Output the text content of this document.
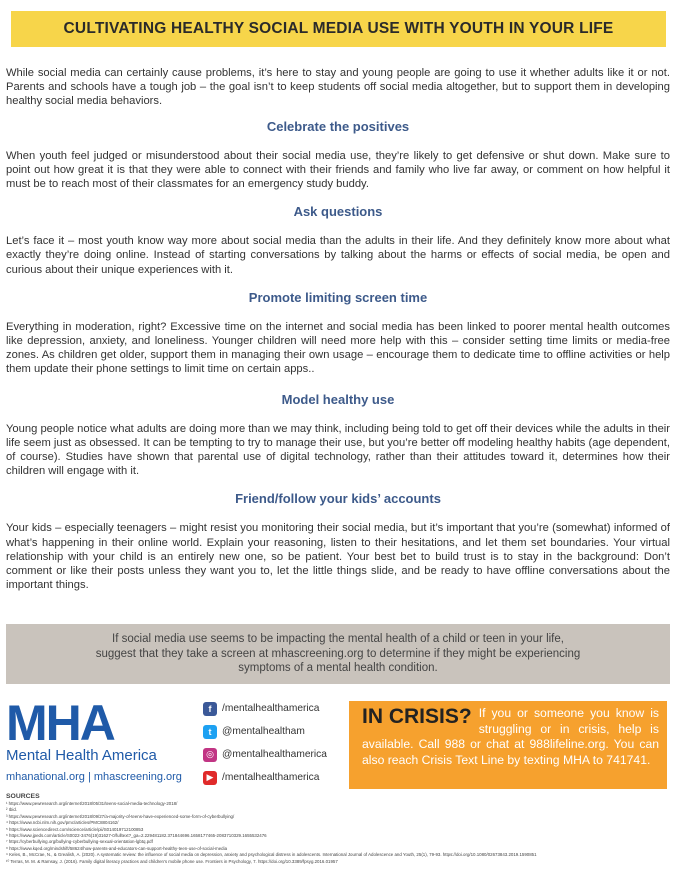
CULTIVATING HEALTHY SOCIAL MEDIA USE WITH YOUTH IN YOUR LIFE

While social media can certainly cause problems, it’s here to stay and young people are going to use it whether adults like it or not. Parents and schools have a tough job – the goal isn’t to keep students off social media altogether, but to support them in developing healthy social media behaviors.

Celebrate the positives

When youth feel judged or misunderstood about their social media use, they’re likely to get defensive or shut down. Make sure to point out how great it is that they were able to connect with their friends and family who live far away, or comment on how helpful it must be to reach most of their classmates for an emergency study buddy.

Ask questions

Let’s face it – most youth know way more about social media than the adults in their life. And they definitely know more about what exactly they’re doing online. Instead of starting conversations by talking about the harms or effects of social media, be open and curious about their unique experiences with it.

Promote limiting screen time

Everything in moderation, right? Excessive time on the internet and social media has been linked to poorer mental health outcomes like depression, anxiety, and loneliness. Younger children will need more help with this – consider setting time limits or media-free zones. As children get older, support them in managing their own usage – encourage them to dedicate time to offline activities or help them update their phone settings to limit time on certain apps..

Model healthy use

Young people notice what adults are doing more than we may think, including being told to get off their devices while the adults in their life seem just as obsessed. It can be tempting to try to manage their use, but you’re better off modeling healthy habits (age dependent, of course). Studies have shown that parental use of digital technology, rather than their attitudes toward it, determines how their children will engage with it.

Friend/follow your kids’ accounts

Your kids – especially teenagers – might resist you monitoring their social media, but it’s important that you’re (somewhat) informed of what’s happening in their online world. Explain your reasoning, listen to their hesitations, and let them set boundaries. Your virtual relationship with your child is an entirely new one, so be patient. Your best bet to build trust is to stay in the background: Don’t comment or like their posts unless they want you to, let the little things slide, and be ready to have offline conversations about the important things.

If social media use seems to be impacting the mental health of a child or teen in your life,
suggest that they take a screen at mhascreening.org to determine if they might be experiencing
symptoms of a mental health condition.
MHA
Mental Health America
mhanational.org | mhascreening.org
f	/mentalhealthamerica
t	@mentalhealtham
◎ @mentalhealthamerica
▶ /mentalhealthamerica
IN CRISIS? If you or someone you know is struggling or in crisis, help is available. Call 988 or chat at 988lifeline.org. You can also reach Crisis Text Line by texting MHA to 741741.
SOURCES
¹ https://www.pewresearch.org/internet/2018/05/31/teens-social-media-technology-2018/
² Ibid.
³ https://www.pewresearch.org/internet/2018/09/27/a-majority-of-teens-have-experienced-some-form-of-cyberbullying/
⁴ https://www.ncbi.nlm.nih.gov/pmc/articles/PMC8804162/
⁵ https://www.sciencedirect.com/science/article/pii/S014019712100853
⁶ https://www.jpeds.com/article/S0022-3476(19)31627-0/fulltext?_ga=2.229481182.371844696.1658177465-2083710329.1655532476
⁷ https://cyberbullying.org/bullying-cyberbullying-sexual-orientation-lgbtq.pdf
⁸ https://www.kqed.org/mindshift/58624/how-parents-and-educators-can-support-healthy-teen-use-of-social-media
⁹ Keles, B., McCrae, N., & Grealish, A. (2020). A systematic review: the influence of social media on depression, anxiety and psychological distress in adolescents. International Journal of Adolescence and Youth, 25(1), 79-93. https://doi.org/10.1080/02673843.2019.1590851
¹⁰ Terras, M. M. & Ramsay, J. (2016). Family digital literacy practices and children's mobile phone use. Frontiers in Psychology, 7. https://doi.org/10.3389/fpsyg.2016.01957
